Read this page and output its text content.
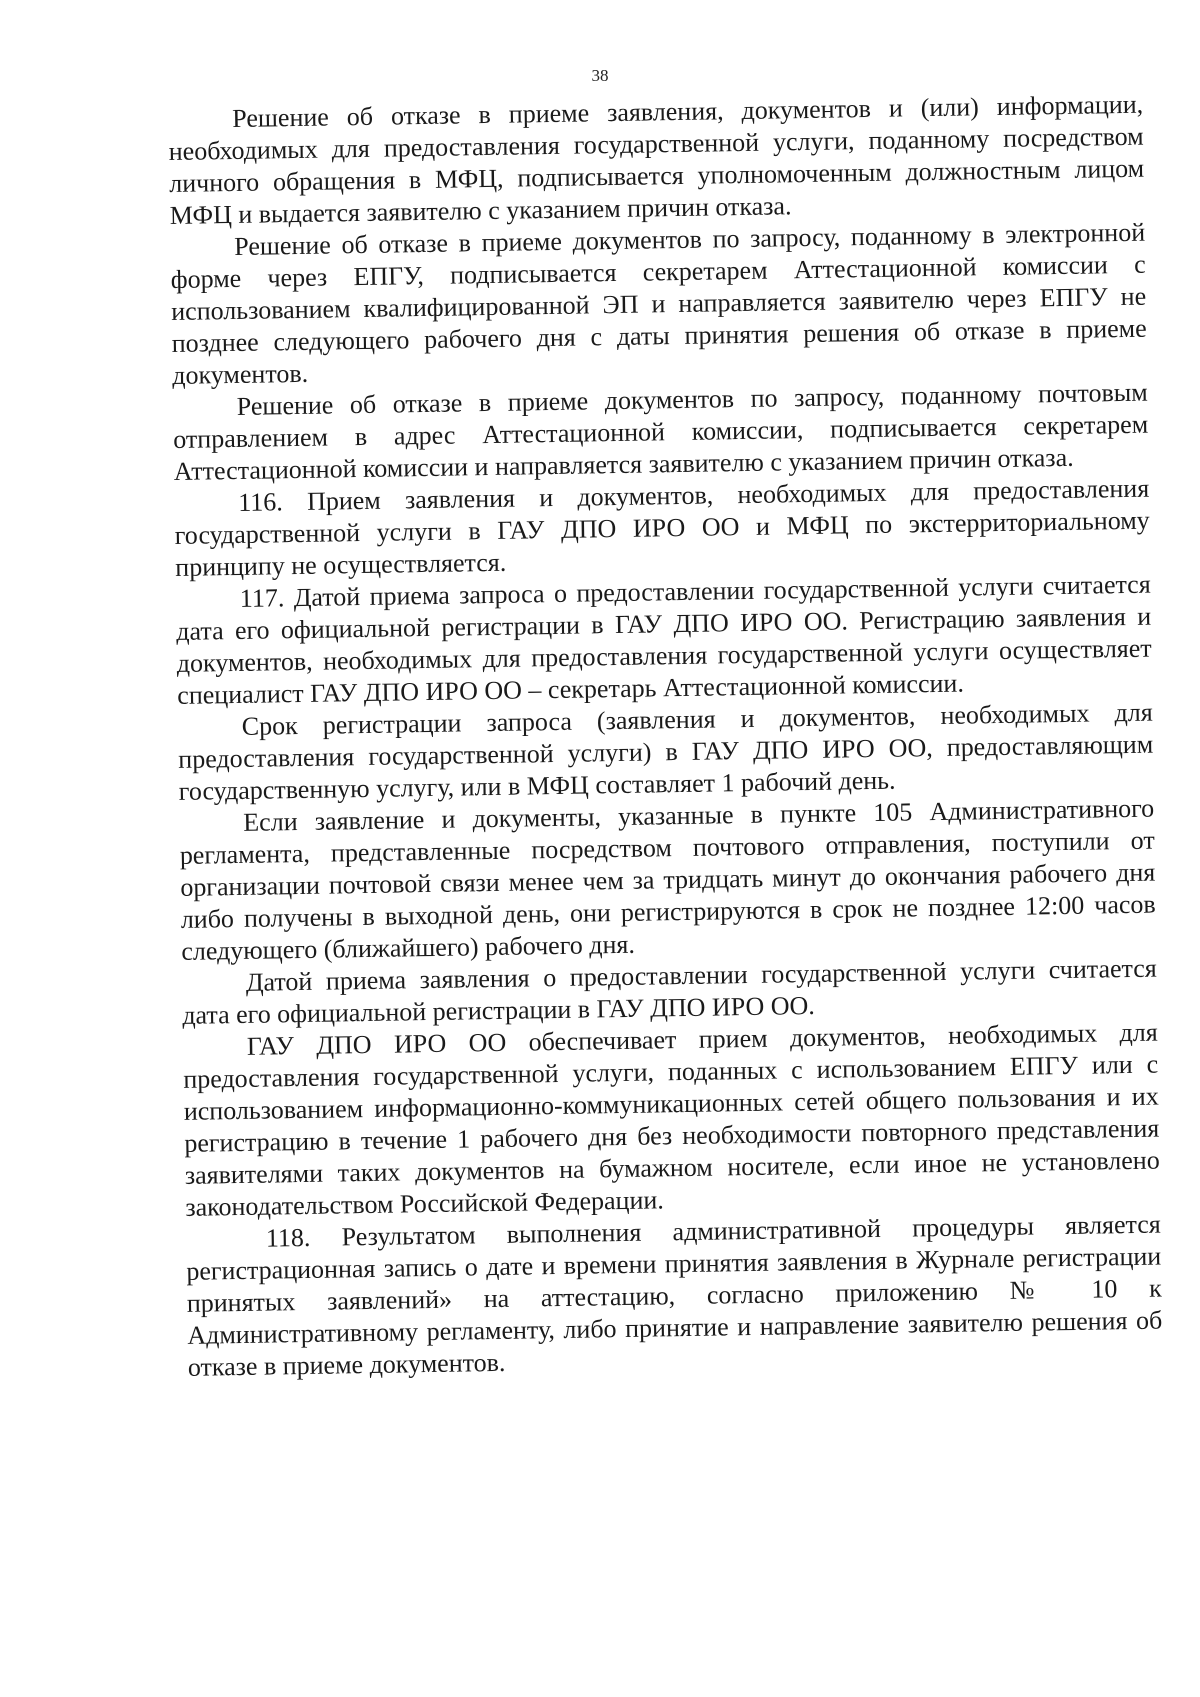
38

Решение об отказе в приеме заявления, документов и (или) информации, необходимых для предоставления государственной услуги, поданному посредством личного обращения в МФЦ, подписывается уполномоченным должностным лицом МФЦ и выдается заявителю с указанием причин отказа.

Решение об отказе в приеме документов по запросу, поданному в электронной форме через ЕПГУ, подписывается секретарем Аттестационной комиссии с использованием квалифицированной ЭП и направляется заявителю через ЕПГУ не позднее следующего рабочего дня с даты принятия решения об отказе в приеме документов.

Решение об отказе в приеме документов по запросу, поданному почтовым отправлением в адрес Аттестационной комиссии, подписывается секретарем Аттестационной комиссии и направляется заявителю с указанием причин отказа.

116. Прием заявления и документов, необходимых для предоставления государственной услуги в ГАУ ДПО ИРО ОО и МФЦ по экстерриториальному принципу не осуществляется.

117. Датой приема запроса о предоставлении государственной услуги считается дата его официальной регистрации в ГАУ ДПО ИРО ОО. Регистрацию заявления и документов, необходимых для предоставления государственной услуги осуществляет специалист ГАУ ДПО ИРО ОО – секретарь Аттестационной комиссии.

Срок регистрации запроса (заявления и документов, необходимых для предоставления государственной услуги) в ГАУ ДПО ИРО ОО, предоставляющим государственную услугу, или в МФЦ составляет 1 рабочий день.

Если заявление и документы, указанные в пункте 105 Административного регламента, представленные посредством почтового отправления, поступили от организации почтовой связи менее чем за тридцать минут до окончания рабочего дня либо получены в выходной день, они регистрируются в срок не позднее 12:00 часов следующего (ближайшего) рабочего дня.

Датой приема заявления о предоставлении государственной услуги считается дата его официальной регистрации в ГАУ ДПО ИРО ОО.

ГАУ ДПО ИРО ОО обеспечивает прием документов, необходимых для предоставления государственной услуги, поданных с использованием ЕПГУ или с использованием информационно-коммуникационных сетей общего пользования и их регистрацию в течение 1 рабочего дня без необходимости повторного представления заявителями таких документов на бумажном носителе, если иное не установлено законодательством Российской Федерации.

118. Результатом выполнения административной процедуры является регистрационная запись о дате и времени принятия заявления в Журнале регистрации принятых заявлений» на аттестацию, согласно приложению № 10 к Административному регламенту, либо принятие и направление заявителю решения об отказе в приеме документов.
